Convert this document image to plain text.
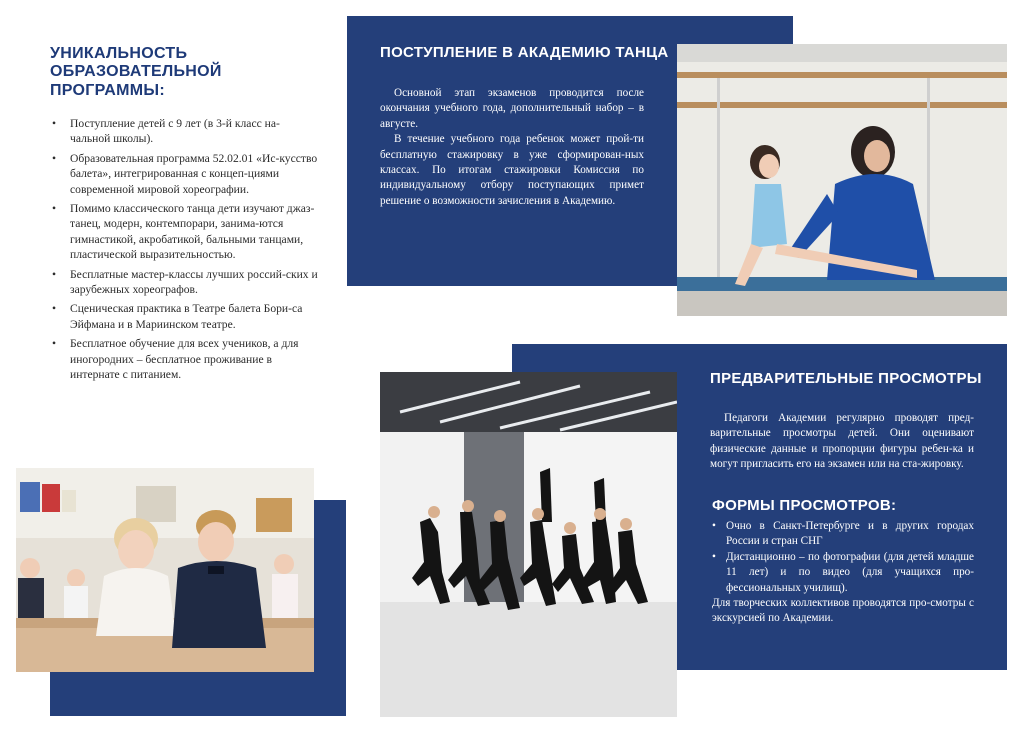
УНИКАЛЬНОСТЬ ОБРАЗОВАТЕЛЬНОЙ ПРОГРАММЫ:
• Поступление детей с 9 лет (в 3-й класс на-чальной школы).
• Образовательная программа 52.02.01 «Ис-кусство балета», интегрированная с концеп-циями современной мировой хореографии.
• Помимо классического танца дети изучают джаз-танец, модерн, контемпорари, занима-ются гимнастикой, акробатикой, бальными танцами, пластической выразительностью.
• Бесплатные мастер-классы лучших россий-ских и зарубежных хореографов.
• Сценическая практика в Театре балета Бори-са Эйфмана и в Мариинском театре.
• Бесплатное обучение для всех учеников, а для иногородних – бесплатное проживание в интернате с питанием.
ПОСТУПЛЕНИЕ В АКАДЕМИЮ ТАНЦА

Основной этап экзаменов проводится после окончания учебного года, дополнительный набор – в августе.

В течение учебного года ребенок может прой-ти бесплатную стажировку в уже сформирован-ных классах. По итогам стажировки Комиссия по индивидуальному отбору поступающих примет решение о возможности зачисления в Академию.

ПРЕДВАРИТЕЛЬНЫЕ ПРОСМОТРЫ

Педагоги Академии регулярно проводят пред-варительные просмотры детей. Они оценивают физические данные и пропорции фигуры ребен-ка и могут пригласить его на экзамен или на ста-жировку.

ФОРМЫ ПРОСМОТРОВ:
• Очно в Санкт-Петербурге и в других городах России и стран СНГ
• Дистанционно – по фотографии (для детей младше 11 лет) и по видео (для учащихся про-фессиональных училищ).

Для творческих коллективов проводятся про-смотры с экскурсией по Академии.
